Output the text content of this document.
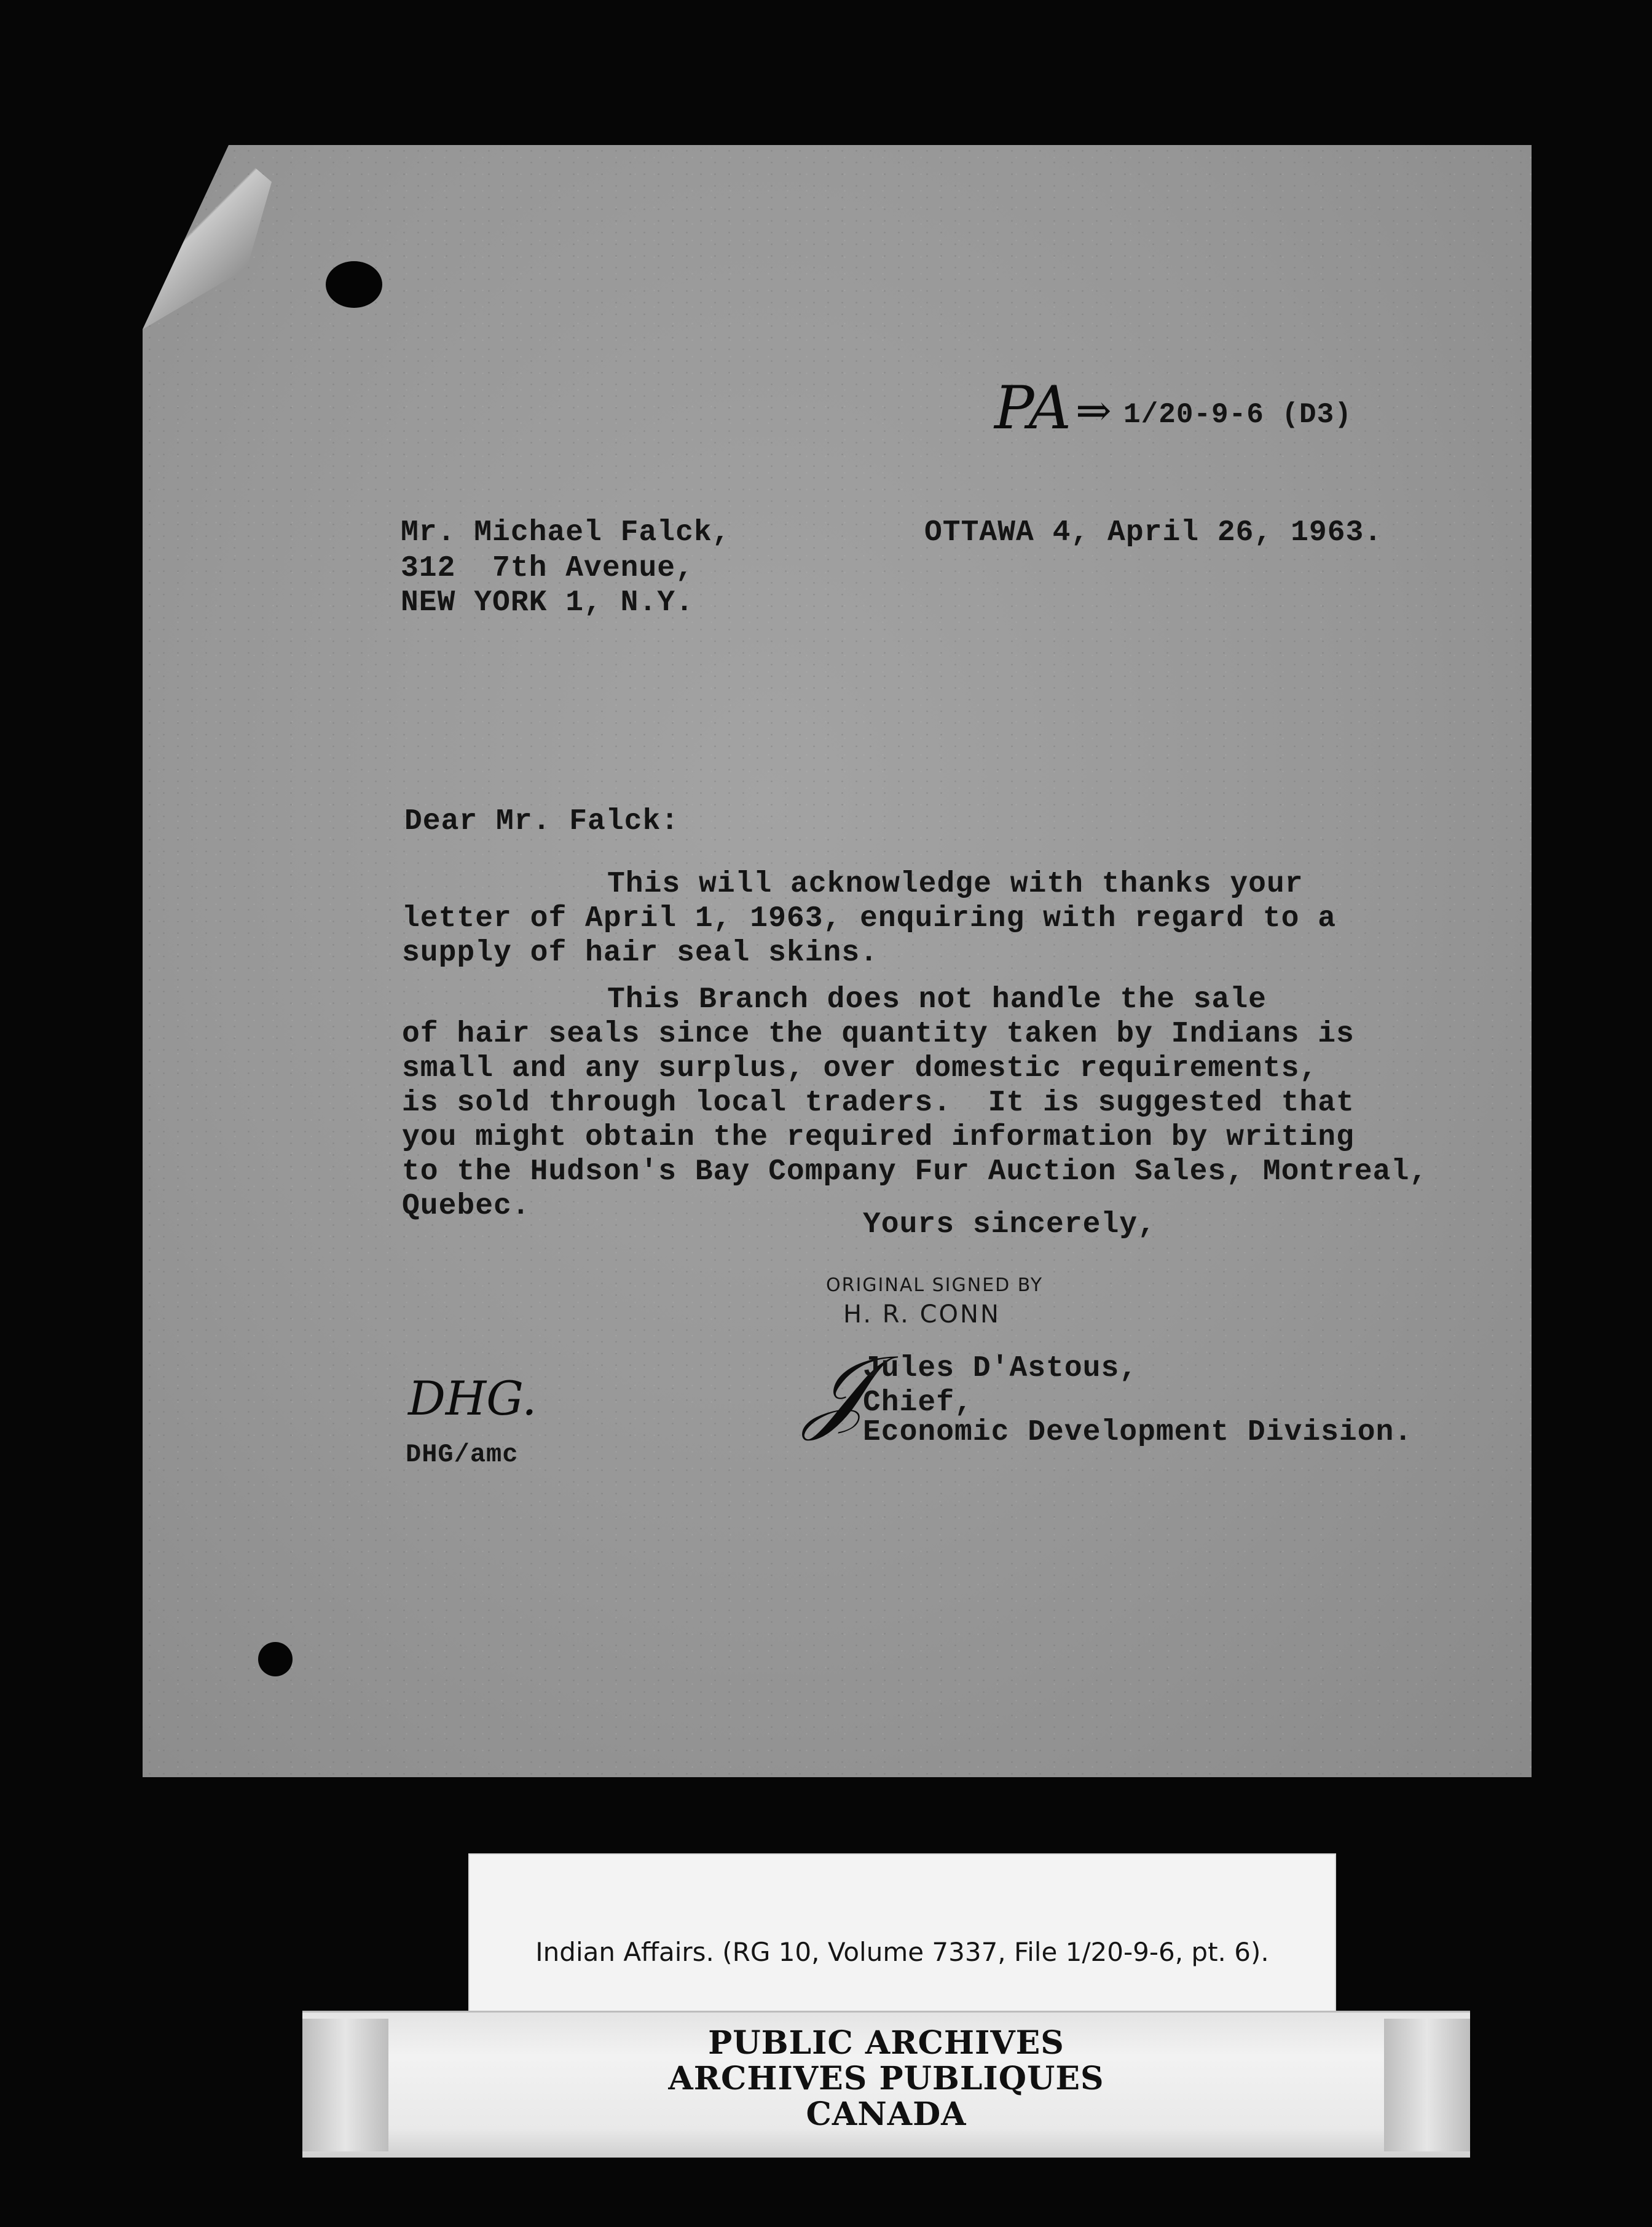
PA ⇒ 1/20-9-6 (D3)
Mr. Michael Falck,
312  7th Avenue,
NEW YORK 1, N.Y.
OTTAWA 4, April 26, 1963.
Dear Mr. Falck:
This will acknowledge with thanks your
letter of April 1, 1963, enquiring with regard to a
supply of hair seal skins.
This Branch does not handle the sale
of hair seals since the quantity taken by Indians is
small and any surplus, over domestic requirements,
is sold through local traders.  It is suggested that
you might obtain the required information by writing
to the Hudson's Bay Company Fur Auction Sales, Montreal,
Quebec.
Yours sincerely,
ORIGINAL SIGNED BY
H. R. CONN
𝒥
Jules D'Astous,
Chief,
Economic Development Division.
DHG.
DHG/amc
Indian Affairs. (RG 10, Volume 7337, File 1/20-9-6, pt. 6).
PUBLIC ARCHIVES
ARCHIVES PUBLIQUES
CANADA
